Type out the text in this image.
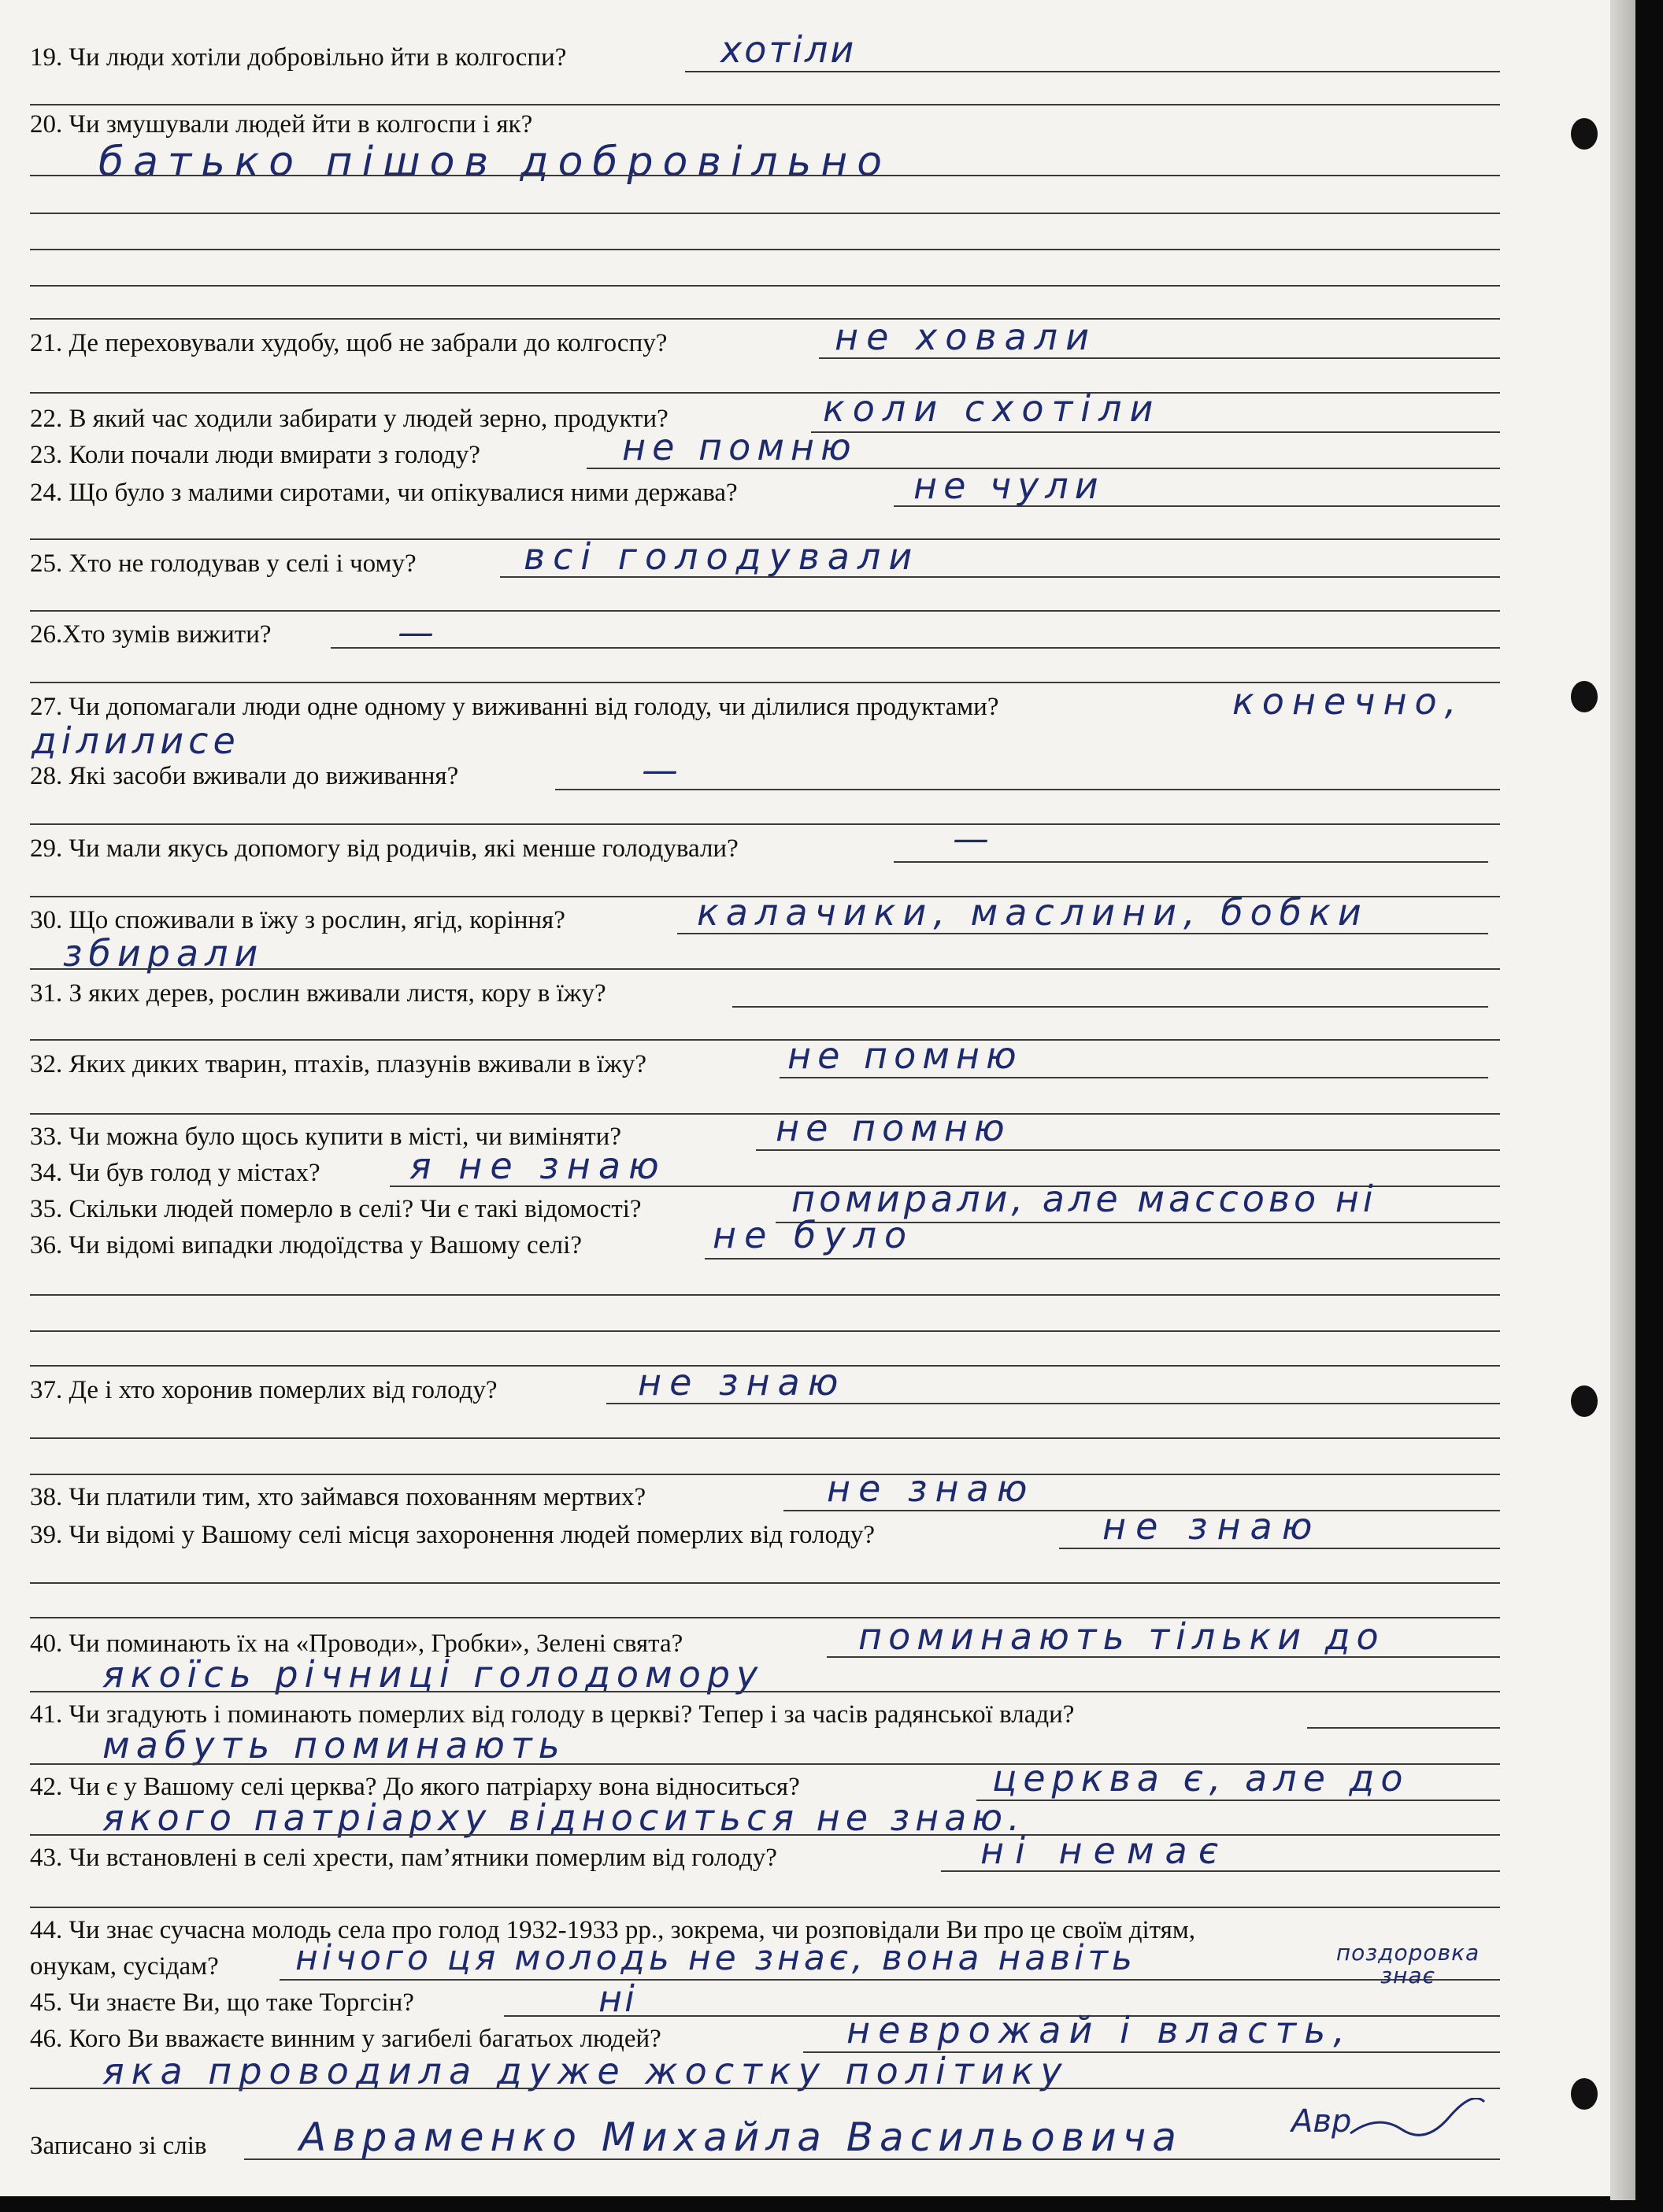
19. Чи люди хотіли добровільно йти в колгоспи?	хотіли
20. Чи змушували людей йти в колгоспи і як?
батько пішов добровільно
21. Де переховували худобу, щоб не забрали до колгоспу?	не ховали
22. В який час ходили забирати у людей зерно, продукти?	коли схотіли
23. Коли почали люди вмирати з голоду?	не помню
24. Що було з малими сиротами, чи опікувалися ними держава?	не чули
25. Хто не голодував у селі і чому?	всі голодували
26.Хто зумів вижити?	—
27. Чи допомагали люди одне одному у виживанні від голоду, чи ділилися продуктами?	конечно,
ділилисе
28. Які засоби вживали до виживання?	—
29. Чи мали якусь допомогу від родичів, які менше голодували?	—
30. Що споживали в їжу з рослин, ягід, коріння?	калачики, маслини, бобки
збирали
31. З яких дерев, рослин вживали листя, кору в їжу?
32. Яких диких тварин, птахів, плазунів вживали в їжу?	не помню
33. Чи можна було щось купити в місті, чи виміняти?	не помню
34. Чи був голод у містах? я не знаю
35. Скільки людей померло в селі? Чи є такі відомості?	помирали, але массово ні
36. Чи відомі випадки людоїдства у Вашому селі?	не було
37. Де і хто хоронив померлих від голоду?	не знаю
38. Чи платили тим, хто займався похованням мертвих?	не знаю
39. Чи відомі у Вашому селі місця захоронення людей померлих від голоду?	не знаю
40. Чи поминають їх на «Проводи», Гробки», Зелені свята?	поминають тільки до
якоїсь річниці голодомору
41. Чи згадують і поминають померлих від голоду в церкві? Тепер і за часів радянської влади?
мабуть поминають
42. Чи є у Вашому селі церква? До якого патріарху вона відноситься?	церква є, але до
якого патріарху відноситься не знаю.
43. Чи встановлені в селі хрести, пам’ятники померлим від голоду?	ні немає
44. Чи знає сучасна молодь села про голод 1932-1933 рр., зокрема, чи розповідали Ви про це своїм дітям,
онукам, сусідам? нічого ця молодь не знає, вона навіть	поздоровка знає
45. Чи знаєте Ви, що таке Торгсін?	ні
46. Кого Ви вважаєте винним у загибелі багатьох людей?	неврожай і власть,
яка проводила дуже жостку політику
Записано зі слів Авраменко Михайла Васильовича	Авр
